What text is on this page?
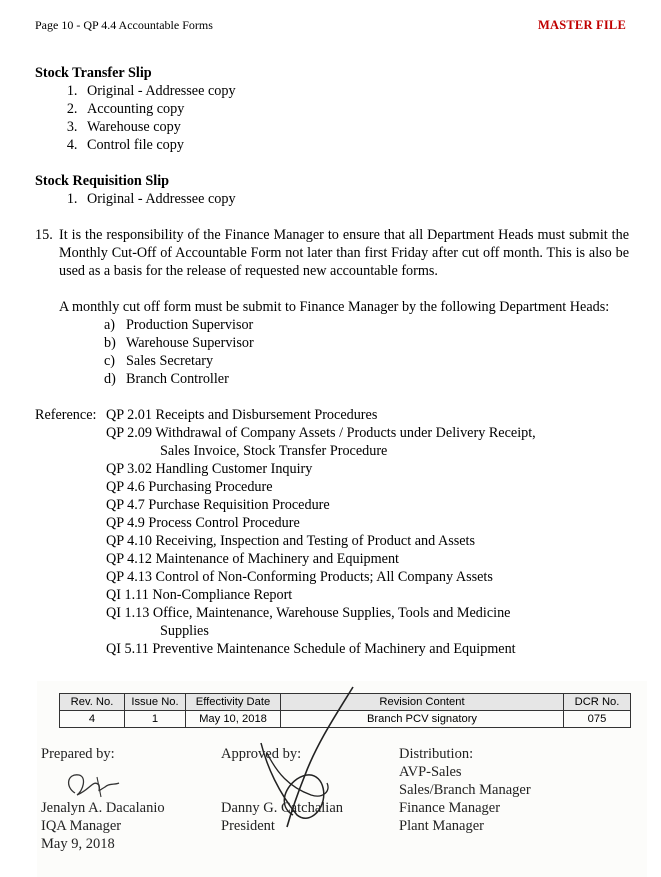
Page 10 - QP 4.4 Accountable Forms	MASTER FILE
Stock Transfer Slip
1. Original - Addressee copy
2. Accounting copy
3. Warehouse copy
4. Control file copy
Stock Requisition Slip
1. Original - Addressee copy
15. It is the responsibility of the Finance Manager to ensure that all Department Heads must submit the Monthly Cut-Off of Accountable Form not later than first Friday after cut off month. This is also be used as a basis for the release of requested new accountable forms.
A monthly cut off form must be submit to Finance Manager by the following Department Heads:
a) Production Supervisor
b) Warehouse Supervisor
c) Sales Secretary
d) Branch Controller
Reference: QP 2.01 Receipts and Disbursement Procedures
QP 2.09 Withdrawal of Company Assets / Products under Delivery Receipt,
Sales Invoice, Stock Transfer Procedure
QP 3.02 Handling Customer Inquiry
QP 4.6 Purchasing Procedure
QP 4.7 Purchase Requisition Procedure
QP 4.9 Process Control Procedure
QP 4.10 Receiving, Inspection and Testing of Product and Assets
QP 4.12 Maintenance of Machinery and Equipment
QP 4.13 Control of Non-Conforming Products; All Company Assets
QI 1.11 Non-Compliance Report
QI 1.13 Office, Maintenance, Warehouse Supplies, Tools and Medicine
Supplies
QI 5.11 Preventive Maintenance Schedule of Machinery and Equipment
Rev. No.	Issue No.	Effectivity Date	Revision Content	DCR No.
4	1	May 10, 2018	Branch PCV signatory	075
Prepared by:
Jenalyn A. Dacalanio
IQA Manager
May 9, 2018
Approved by:
Danny G. Catchalian
President
Distribution:
AVP-Sales
Sales/Branch Manager
Finance Manager
Plant Manager
